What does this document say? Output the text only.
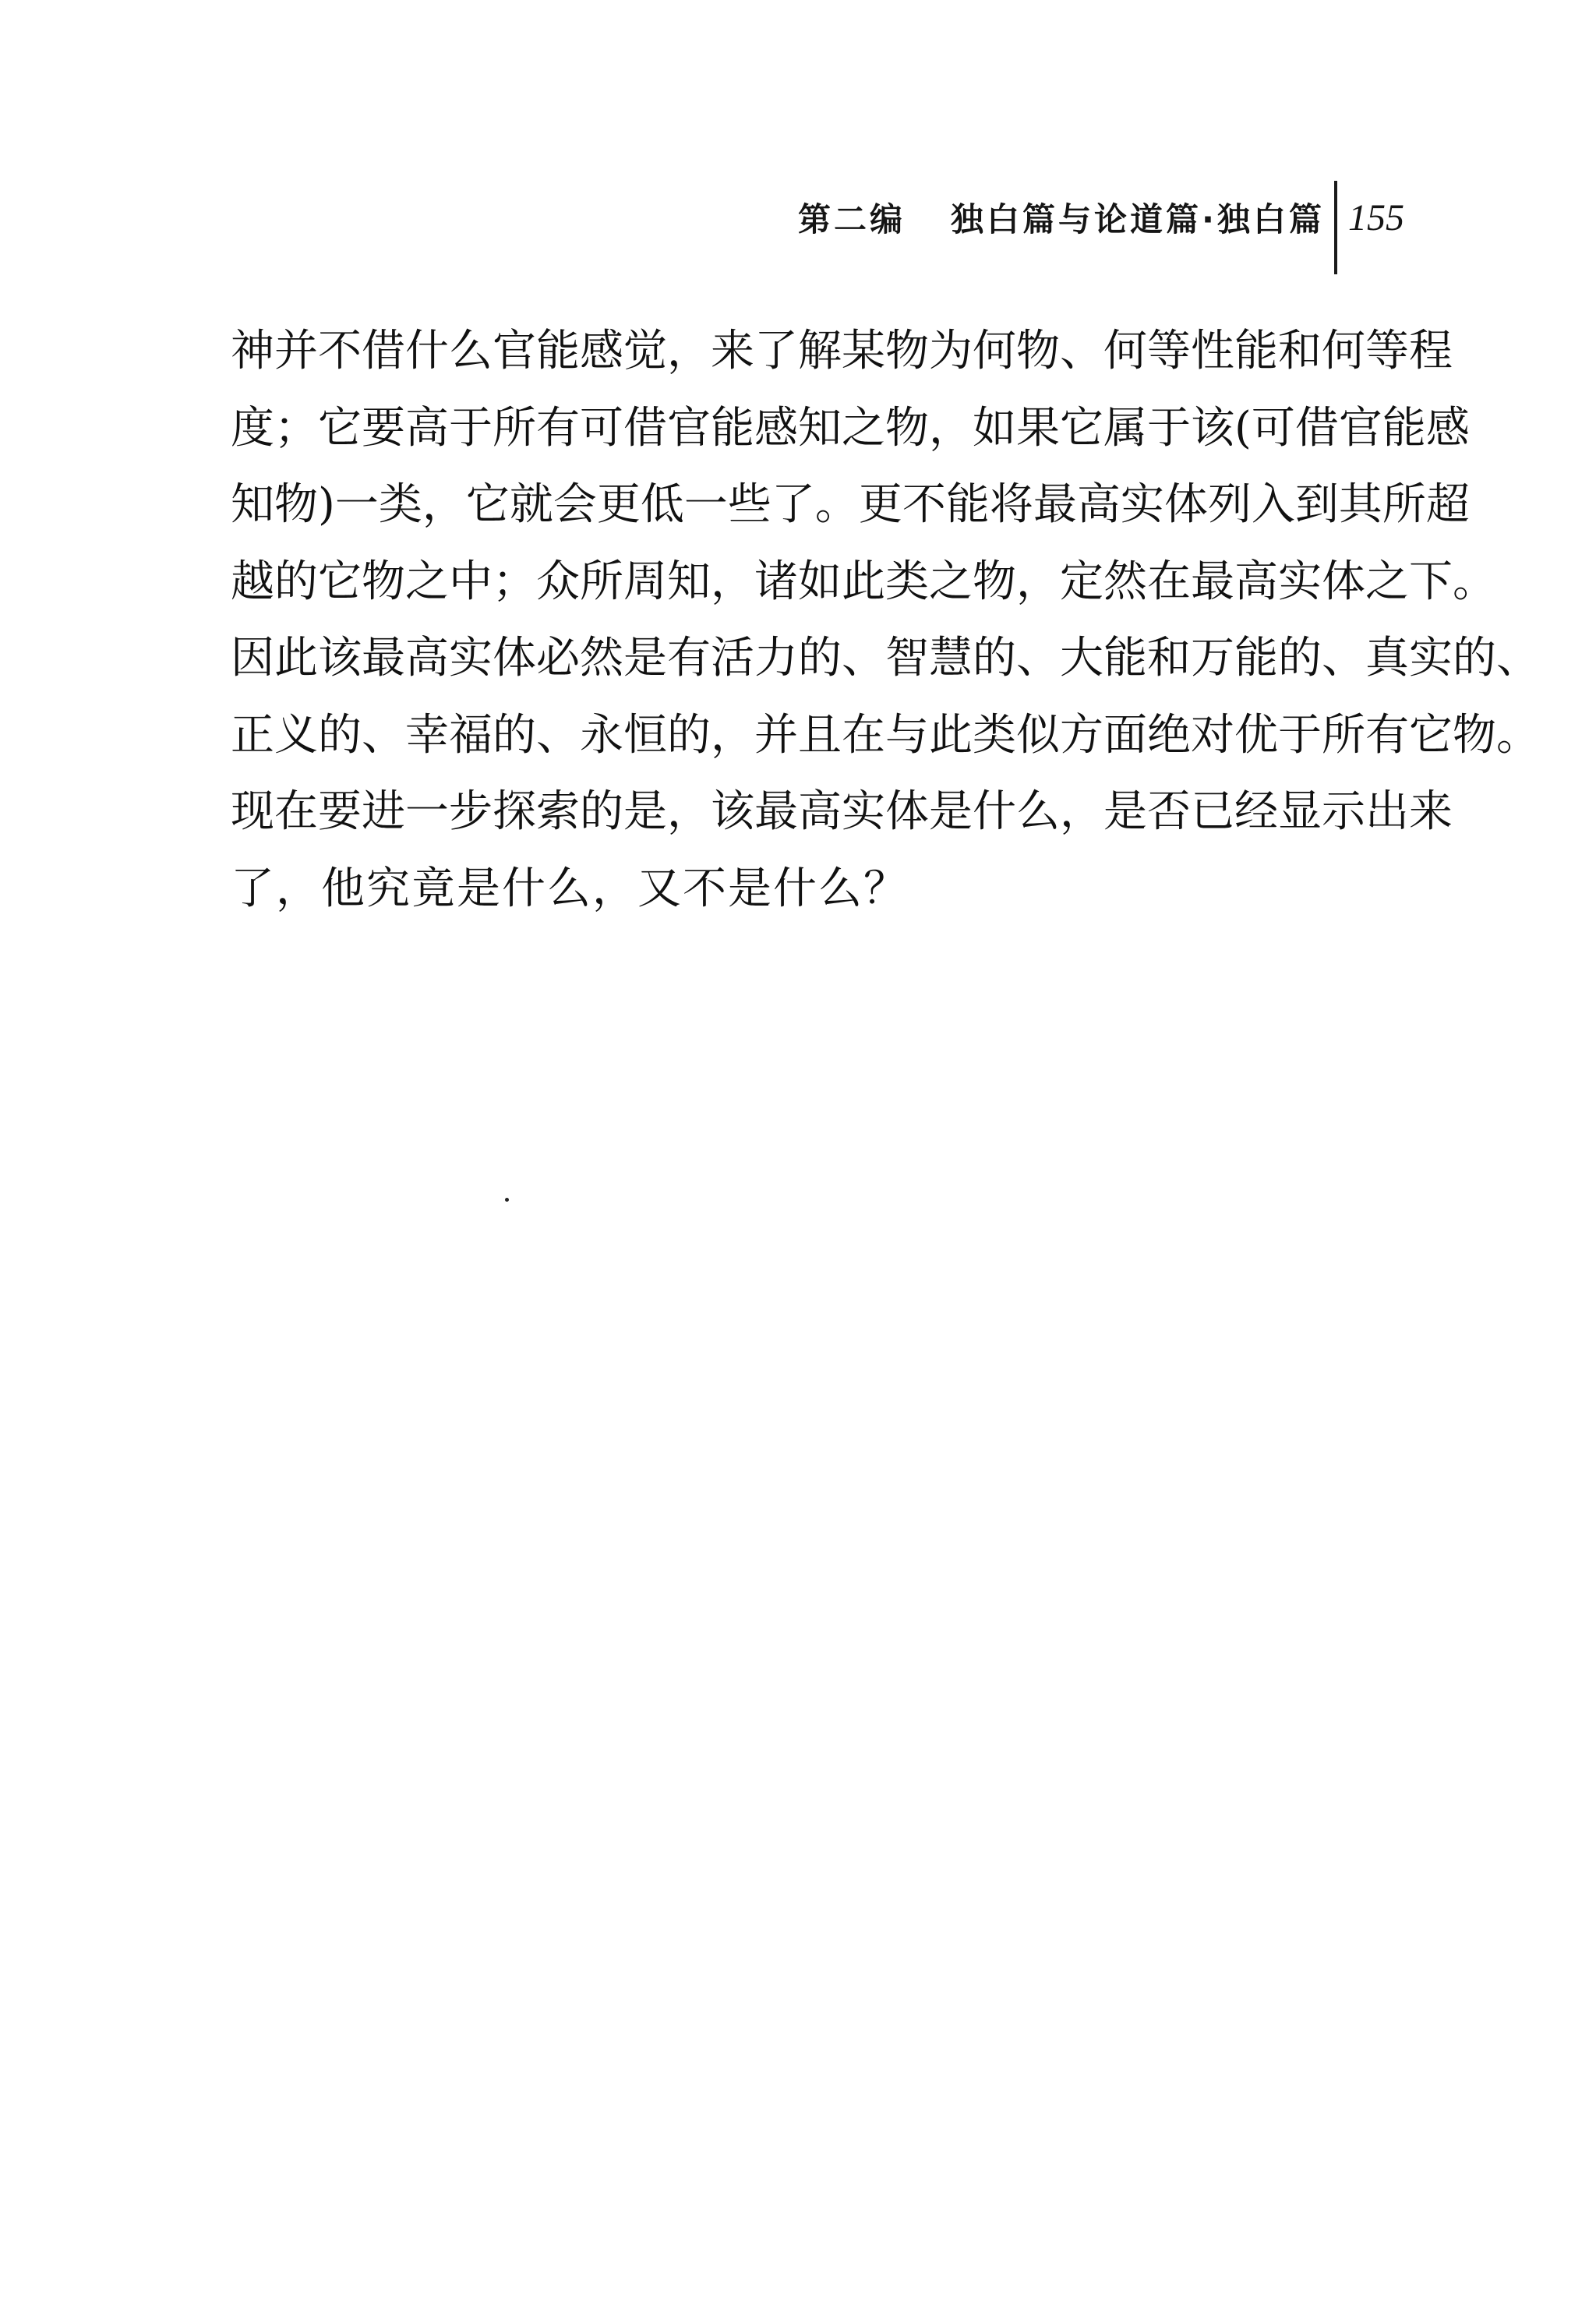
第二编 独白篇与论道篇·独白篇 155
神并不借什么官能感觉，来了解某物为何物、何等性能和何等程
度；它要高于所有可借官能感知之物，如果它属于该(可借官能感
知物)一类，它就会更低一些了。更不能将最高实体列入到其所超
越的它物之中；众所周知，诸如此类之物，定然在最高实体之下。
因此该最高实体必然是有活力的、智慧的、大能和万能的、真实的、
正义的、幸福的、永恒的，并且在与此类似方面绝对优于所有它物。
现在要进一步探索的是，该最高实体是什么，是否已经显示出来
了，他究竟是什么，又不是什么？
